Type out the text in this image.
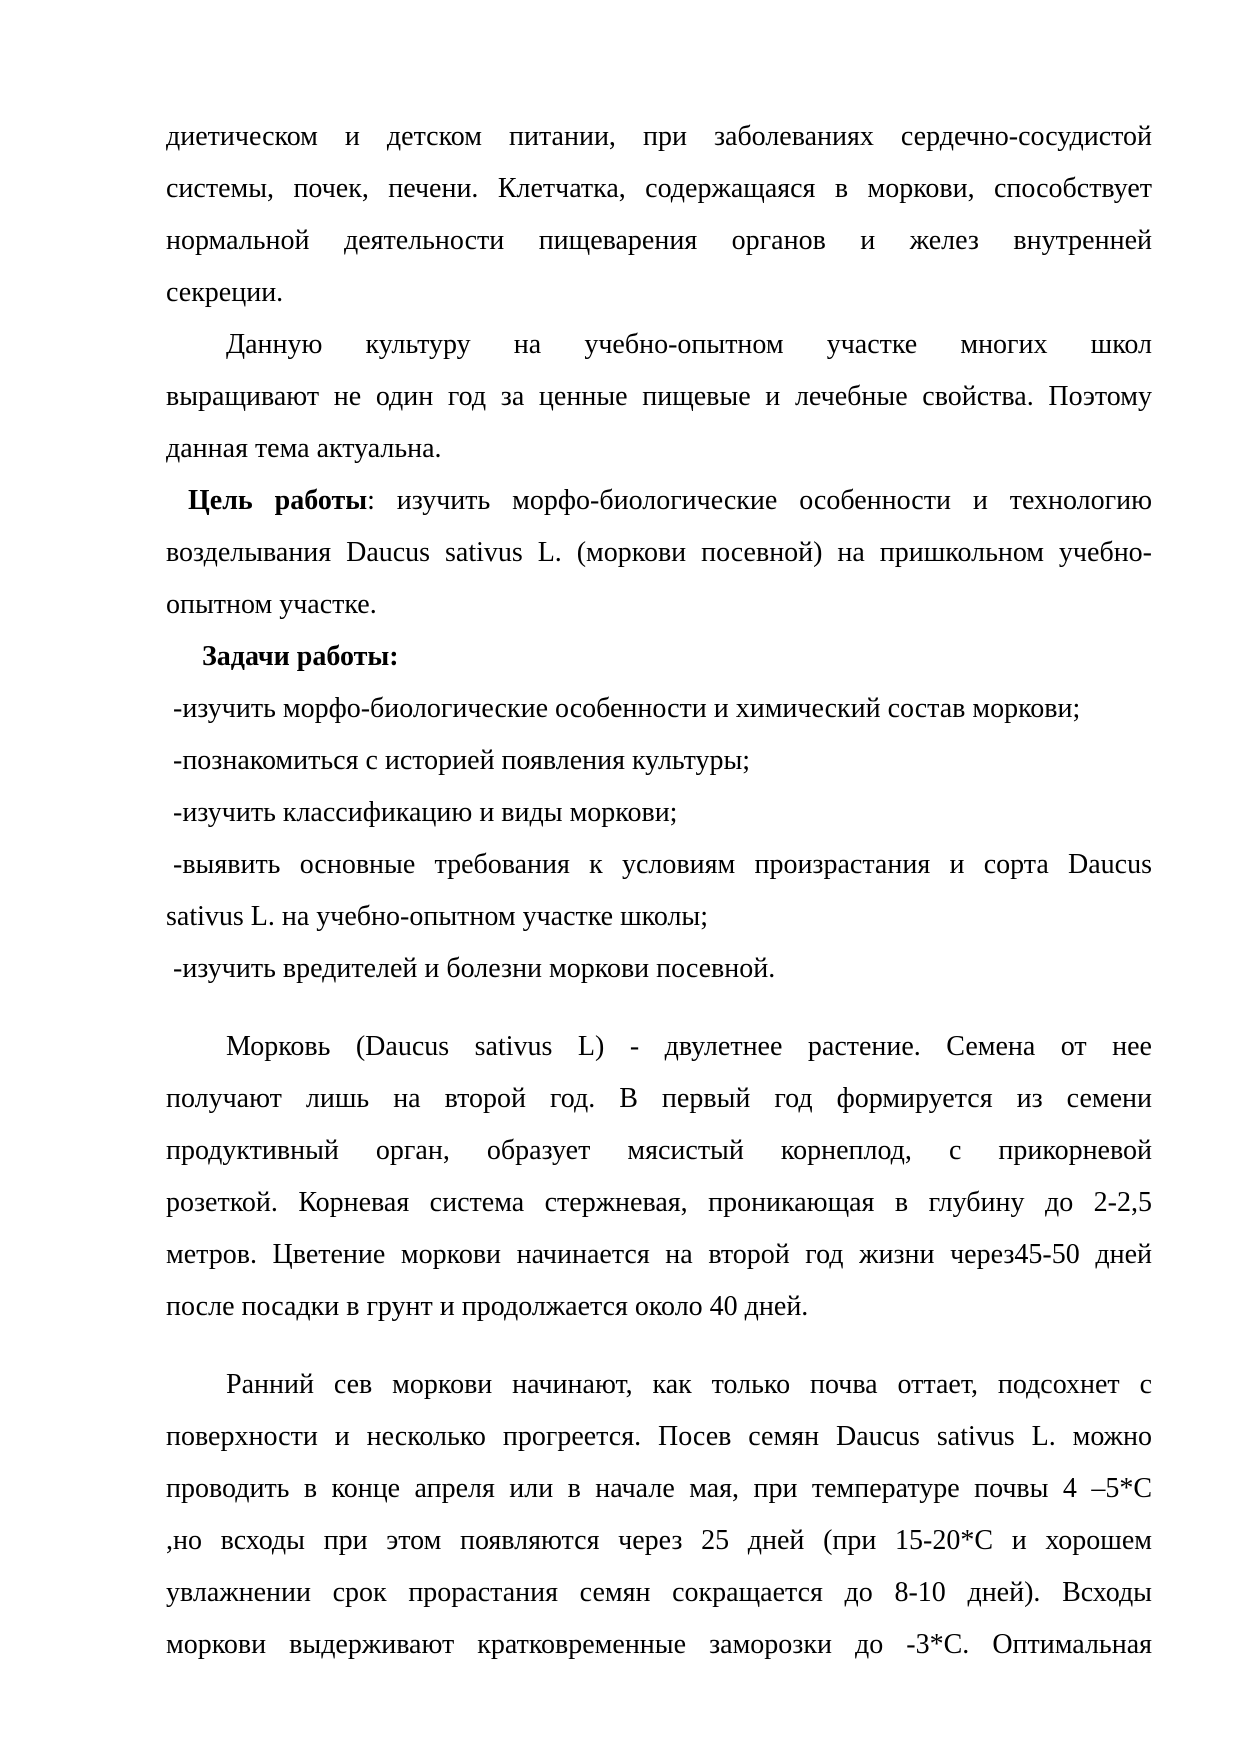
диетическом и детском питании, при заболеваниях сердечно-сосудистой
системы, почек, печени. Клетчатка, содержащаяся в моркови, способствует
нормальной деятельности пищеварения органов и желез внутренней
секреции.
Данную культуру на учебно-опытном участке многих школ
выращивают не один год за ценные пищевые и лечебные свойства. Поэтому
данная тема актуальна.
Цель работы: изучить морфо-биологические особенности и технологию
возделывания Daucus sativus L. (моркови посевной) на пришкольном учебно-
опытном участке.
Задачи работы:
-изучить морфо-биологические особенности и химический состав моркови;
-познакомиться с историей появления культуры;
-изучить классификацию и виды моркови;
-выявить основные требования к условиям произрастания и сорта Daucus
sativus L. на учебно-опытном участке школы;
-изучить вредителей и болезни моркови посевной.
Морковь (Daucus sativus L) - двулетнее растение. Семена от нее
получают лишь на второй год. В первый год формируется из семени
продуктивный орган, образует мясистый корнеплод, с прикорневой
розеткой. Корневая система стержневая, проникающая в глубину до 2-2,5
метров. Цветение моркови начинается на второй год жизни через45-50 дней
после посадки в грунт и продолжается около 40 дней.
Ранний сев моркови начинают, как только почва оттает, подсохнет с
поверхности и несколько прогреется. Посев семян Daucus sativus L. можно
проводить в конце апреля или в начале мая, при температуре почвы 4 –5*С
,но всходы при этом появляются через 25 дней (при 15-20*С и хорошем
увлажнении срок прорастания семян сокращается до 8-10 дней). Всходы
моркови выдерживают кратковременные заморозки до -3*С. Оптимальная
